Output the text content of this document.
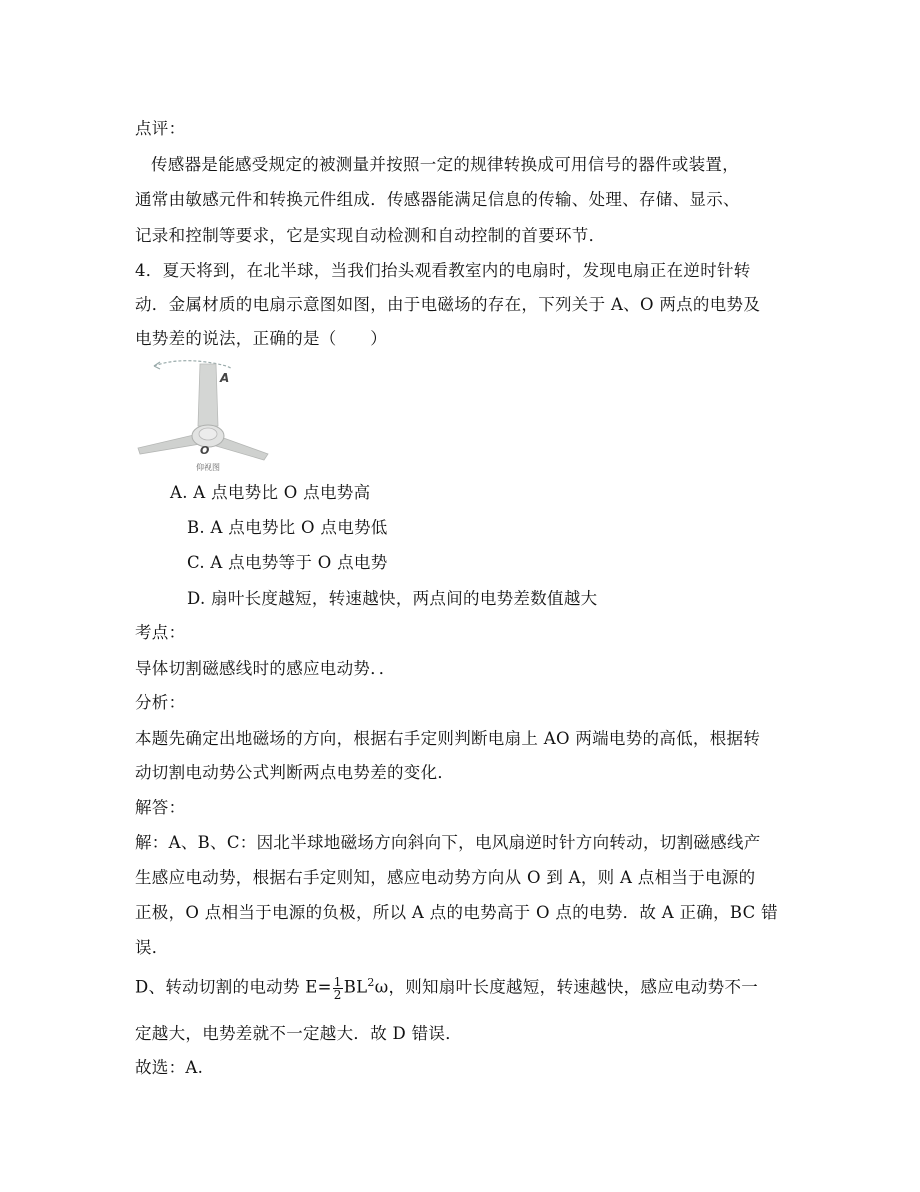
点评：
传感器是能感受规定的被测量并按照一定的规律转换成可用信号的器件或装置，
通常由敏感元件和转换元件组成．传感器能满足信息的传输、处理、存储、显示、
记录和控制等要求，它是实现自动检测和自动控制的首要环节．
4．夏天将到，在北半球，当我们抬头观看教室内的电扇时，发现电扇正在逆时针转
动．金属材质的电扇示意图如图，由于电磁场的存在，下列关于 A、O 两点的电势及
电势差的说法，正确的是（　　）
A
O
仰视图
A. A 点电势比 O 点电势高
B. A 点电势比 O 点电势低
C. A 点电势等于 O 点电势
D. 扇叶长度越短，转速越快，两点间的电势差数值越大
考点：
导体切割磁感线时的感应电动势．．
分析：
本题先确定出地磁场的方向，根据右手定则判断电扇上 AO 两端电势的高低，根据转
动切割电动势公式判断两点电势差的变化．
解答：
解：A、B、C：因北半球地磁场方向斜向下，电风扇逆时针方向转动，切割磁感线产
生感应电动势，根据右手定则知，感应电动势方向从 O 到 A，则 A 点相当于电源的
正极，O 点相当于电源的负极，所以 A 点的电势高于 O 点的电势．故 A 正确，BC 错
误．
D、转动切割的电动势 $E= \frac{1}{2} BL^2\omega$，则知扇叶长度越短，转速越快，感应电动势不一
定越大，电势差就不一定越大．故 D 错误．
故选：A.
